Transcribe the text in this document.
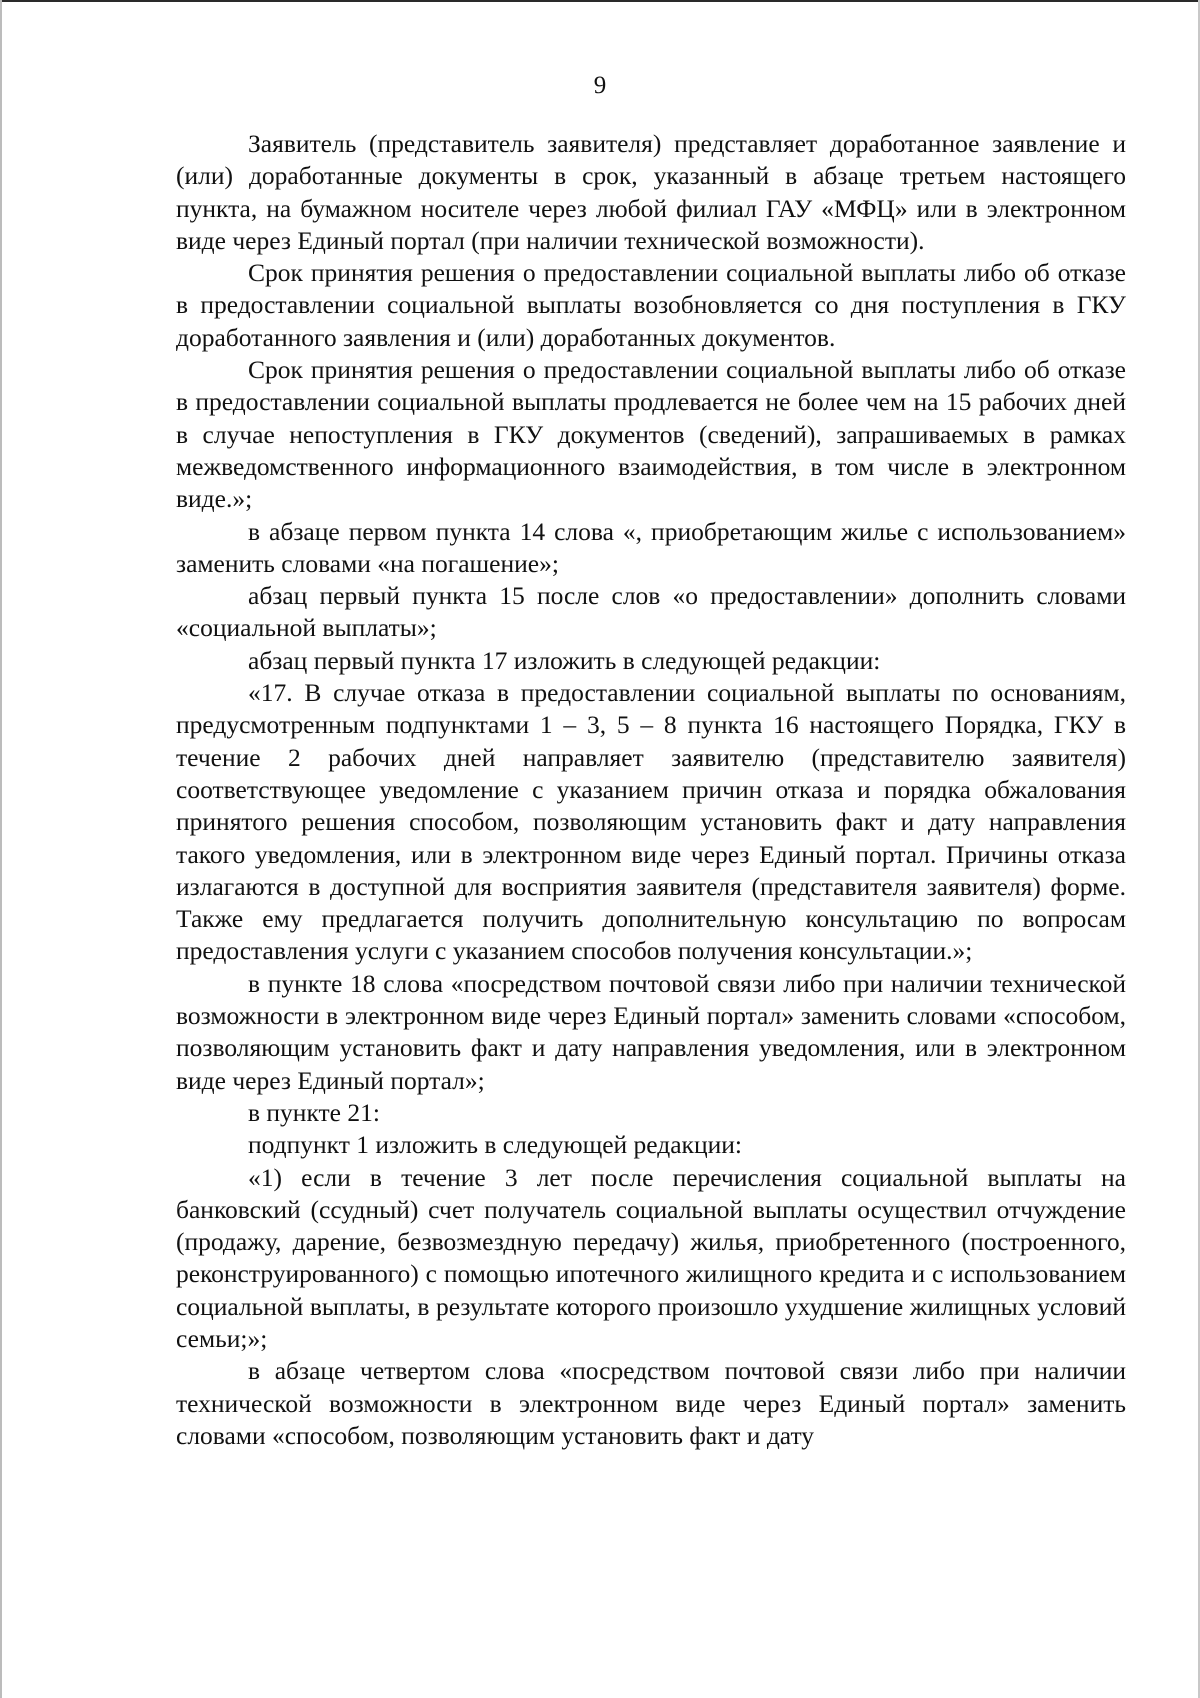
9

Заявитель (представитель заявителя) представляет доработанное заявление и (или) доработанные документы в срок, указанный в абзаце третьем настоящего пункта, на бумажном носителе через любой филиал ГАУ «МФЦ» или в электронном виде через Единый портал (при наличии технической возможности).

Срок принятия решения о предоставлении социальной выплаты либо об отказе в предоставлении социальной выплаты возобновляется со дня поступления в ГКУ доработанного заявления и (или) доработанных документов.

Срок принятия решения о предоставлении социальной выплаты либо об отказе в предоставлении социальной выплаты продлевается не более чем на 15 рабочих дней в случае непоступления в ГКУ документов (сведений), запрашиваемых в рамках межведомственного информационного взаимодействия, в том числе в электронном виде.»;

в абзаце первом пункта 14 слова «, приобретающим жилье с использованием» заменить словами «на погашение»;

абзац первый пункта 15 после слов «о предоставлении» дополнить словами «социальной выплаты»;

абзац первый пункта 17 изложить в следующей редакции:

«17. В случае отказа в предоставлении социальной выплаты по основаниям, предусмотренным подпунктами 1 – 3, 5 – 8 пункта 16 настоящего Порядка, ГКУ в течение 2 рабочих дней направляет заявителю (представителю заявителя) соответствующее уведомление с указанием причин отказа и порядка обжалования принятого решения способом, позволяющим установить факт и дату направления такого уведомления, или в электронном виде через Единый портал. Причины отказа излагаются в доступной для восприятия заявителя (представителя заявителя) форме. Также ему предлагается получить дополнительную консультацию по вопросам предоставления услуги с указанием способов получения консультации.»;

в пункте 18 слова «посредством почтовой связи либо при наличии технической возможности в электронном виде через Единый портал» заменить словами «способом, позволяющим установить факт и дату направления уведомления, или в электронном виде через Единый портал»;

в пункте 21:

подпункт 1 изложить в следующей редакции:

«1) если в течение 3 лет после перечисления социальной выплаты на банковский (ссудный) счет получатель социальной выплаты осуществил отчуждение (продажу, дарение, безвозмездную передачу) жилья, приобретенного (построенного, реконструированного) с помощью ипотечного жилищного кредита и с использованием социальной выплаты, в результате которого произошло ухудшение жилищных условий семьи;»;

в абзаце четвертом слова «посредством почтовой связи либо при наличии технической возможности в электронном виде через Единый портал» заменить словами «способом, позволяющим установить факт и дату
